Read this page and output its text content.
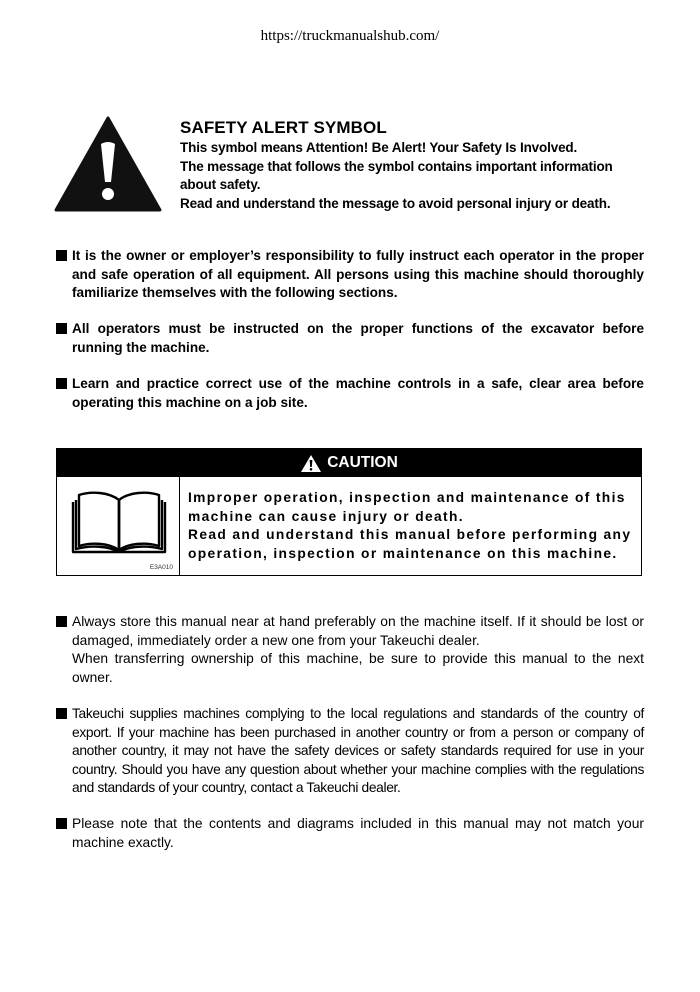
https://truckmanualshub.com/
SAFETY ALERT SYMBOL

This symbol means Attention! Be Alert! Your Safety Is Involved.

The message that follows the symbol contains important information

about safety.

Read and understand the message to avoid personal injury or death.

It is the owner or employer’s responsibility to fully instruct each operator in the proper and safe operation of all equipment. All persons using this machine should thoroughly familiarize themselves with the following sections.
All operators must be instructed on the proper functions of the excavator before running the machine.
Learn and practice correct use of the machine controls in a safe, clear area before operating this machine on a job site.
CAUTION
E3A010

Improper operation, inspection and maintenance of this machine can cause injury or death.

Read and understand this manual before performing any operation, inspection or maintenance on this machine.

Always store this manual near at hand preferably on the machine itself. If it should be lost or damaged, immediately order a new one from your Takeuchi dealer.
When transferring ownership of this machine, be sure to provide this manual to the next owner.
Takeuchi supplies machines complying to the local regulations and standards of the country of export. If your machine has been purchased in another country or from a person or company of another country, it may not have the safety devices or safety standards required for use in your country. Should you have any question about whether your machine complies with the regulations and standards of your country, contact a Takeuchi dealer.
Please note that the contents and diagrams included in this manual may not match your machine exactly.
